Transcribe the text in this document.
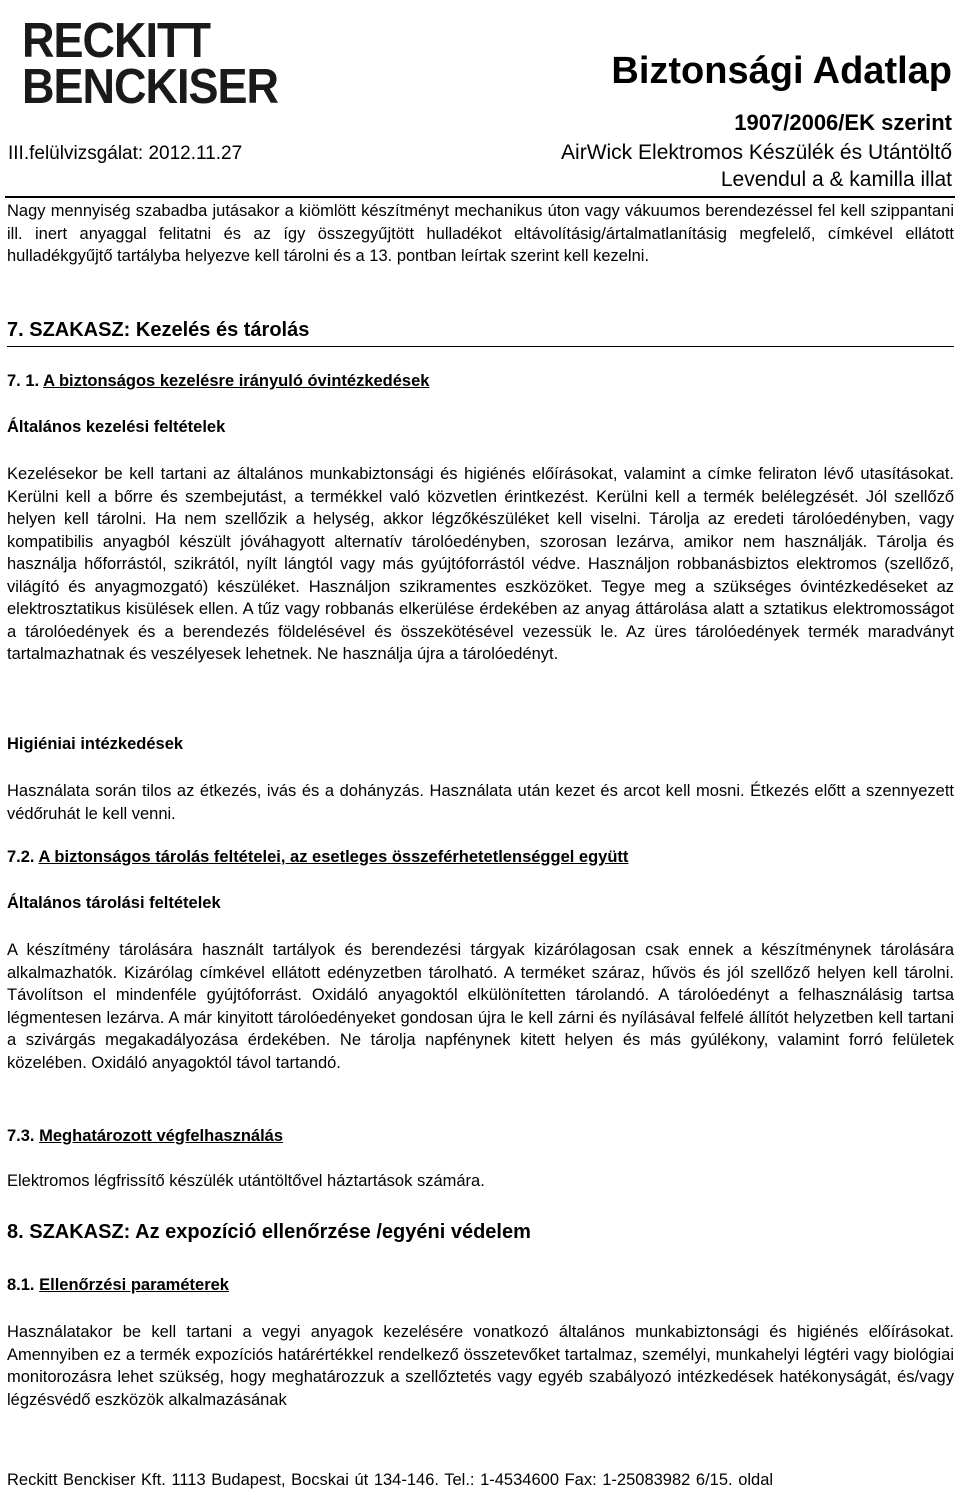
RECKITT
BENCKISER	Biztonsági Adatlap
1907/2006/EK szerint
III.felülvizsgálat: 2012.11.27	AirWick Elektromos Készülék és Utántöltő
Levendul a & kamilla illat
Nagy mennyiség szabadba jutásakor a kiömlött készítményt mechanikus úton vagy vákuumos berendezéssel fel kell szippantani ill. inert anyaggal felitatni és az így összegyűjtött hulladékot eltávolításig/ártalmatlanításig megfelelő, címkével ellátott hulladékgyűjtő tartályba helyezve kell tárolni és a 13. pontban leírtak szerint kell kezelni.
7. SZAKASZ: Kezelés és tárolás
7. 1. A biztonságos kezelésre irányuló óvintézkedések
Általános kezelési feltételek
Kezelésekor be kell tartani az általános munkabiztonsági és higiénés előírásokat, valamint a címke feliraton lévő utasításokat. Kerülni kell a bőrre és szembejutást, a termékkel való közvetlen érintkezést. Kerülni kell a termék belélegzését. Jól szellőző helyen kell tárolni. Ha nem szellőzik a helység, akkor légzőkészüléket kell viselni. Tárolja az eredeti tárolóedényben, vagy kompatibilis anyagból készült jóváhagyott alternatív tárolóedényben, szorosan lezárva, amikor nem használják. Tárolja és használja hőforrástól, szikrától, nyílt lángtól vagy más gyújtóforrástól védve. Használjon robbanásbiztos elektromos (szellőző, világító és anyagmozgató) készüléket. Használjon szikramentes eszközöket. Tegye meg a szükséges óvintézkedéseket az elektrosztatikus kisülések ellen. A tűz vagy robbanás elkerülése érdekében az anyag áttárolása alatt a sztatikus elektromosságot a tárolóedények és a berendezés földelésével és összekötésével vezessük le. Az üres tárolóedények termék maradványt tartalmazhatnak és veszélyesek lehetnek. Ne használja újra a tárolóedényt.
Higiéniai intézkedések
Használata során tilos az étkezés, ivás és a dohányzás. Használata után kezet és arcot kell mosni. Étkezés előtt a szennyezett védőruhát le kell venni.
7.2. A biztonságos tárolás feltételei, az esetleges összeférhetetlenséggel együtt
Általános tárolási feltételek
A készítmény tárolására használt tartályok és berendezési tárgyak kizárólagosan csak ennek a készítménynek tárolására alkalmazhatók. Kizárólag címkével ellátott edényzetben tárolható. A terméket száraz, hűvös és jól szellőző helyen kell tárolni. Távolítson el mindenféle gyújtóforrást. Oxidáló anyagoktól elkülönítetten tárolandó. A tárolóedényt a felhasználásig tartsa légmentesen lezárva. A már kinyitott tárolóedényeket gondosan újra le kell zárni és nyílásával felfelé állítót helyzetben kell tartani a szivárgás megakadályozása érdekében. Ne tárolja napfénynek kitett helyen és más gyúlékony, valamint forró felületek közelében. Oxidáló anyagoktól távol tartandó.
7.3. Meghatározott végfelhasználás
Elektromos légfrissítő készülék utántöltővel háztartások számára.
8. SZAKASZ: Az expozíció ellenőrzése /egyéni védelem
8.1. Ellenőrzési paraméterek
Használatakor be kell tartani a vegyi anyagok kezelésére vonatkozó általános munkabiztonsági és higiénés előírásokat. Amennyiben ez a termék expozíciós határértékkel rendelkező összetevőket tartalmaz, személyi, munkahelyi légtéri vagy biológiai monitorozásra lehet szükség, hogy meghatározzuk a szellőztetés vagy egyéb szabályozó intézkedések hatékonyságát, és/vagy légzésvédő eszközök alkalmazásának
Reckitt Benckiser Kft. 1113 Budapest, Bocskai út 134-146. Tel.: 1-4534600 Fax: 1-25083982 6/15. oldal
